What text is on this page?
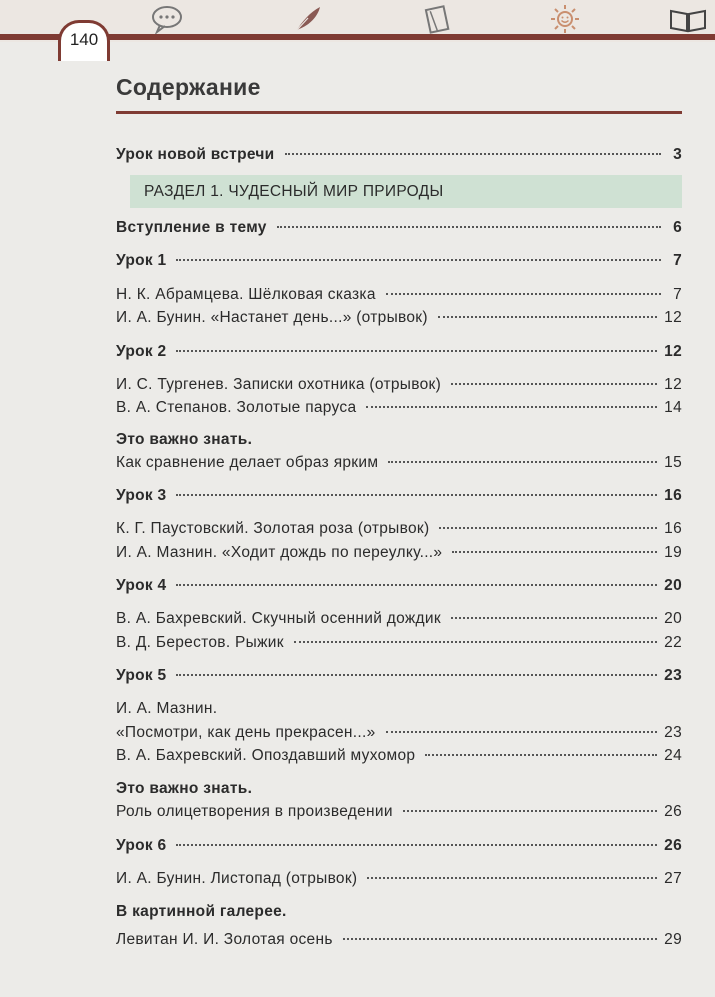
140
Содержание
РАЗДЕЛ 1. ЧУДЕСНЫЙ МИР ПРИРОДЫ
Урок новой встречи	3
Вступление в тему	6
Урок 1	7
Н. К. Абрамцева. Шёлковая сказка	7
И. А. Бунин. «Настанет день...» (отрывок)	12
Урок 2	12
И. С. Тургенев. Записки охотника (отрывок)	12
В. А. Степанов. Золотые паруса	14
Это важно знать.
Как сравнение делает образ ярким	15
Урок 3	16
К. Г. Паустовский. Золотая роза (отрывок)	16
И. А. Мазнин. «Ходит дождь по переулку...»	19
Урок 4	20
В. А. Бахревский. Скучный осенний дождик	20
В. Д. Берестов. Рыжик	22
Урок 5	23
И. А. Мазнин.
«Посмотри, как день прекрасен...»	23
В. А. Бахревский. Опоздавший мухомор	24
Это важно знать.
Роль олицетворения в произведении	26
Урок 6	26
И. А. Бунин. Листопад (отрывок)	27
В картинной галерее.
Левитан И. И. Золотая осень	29
